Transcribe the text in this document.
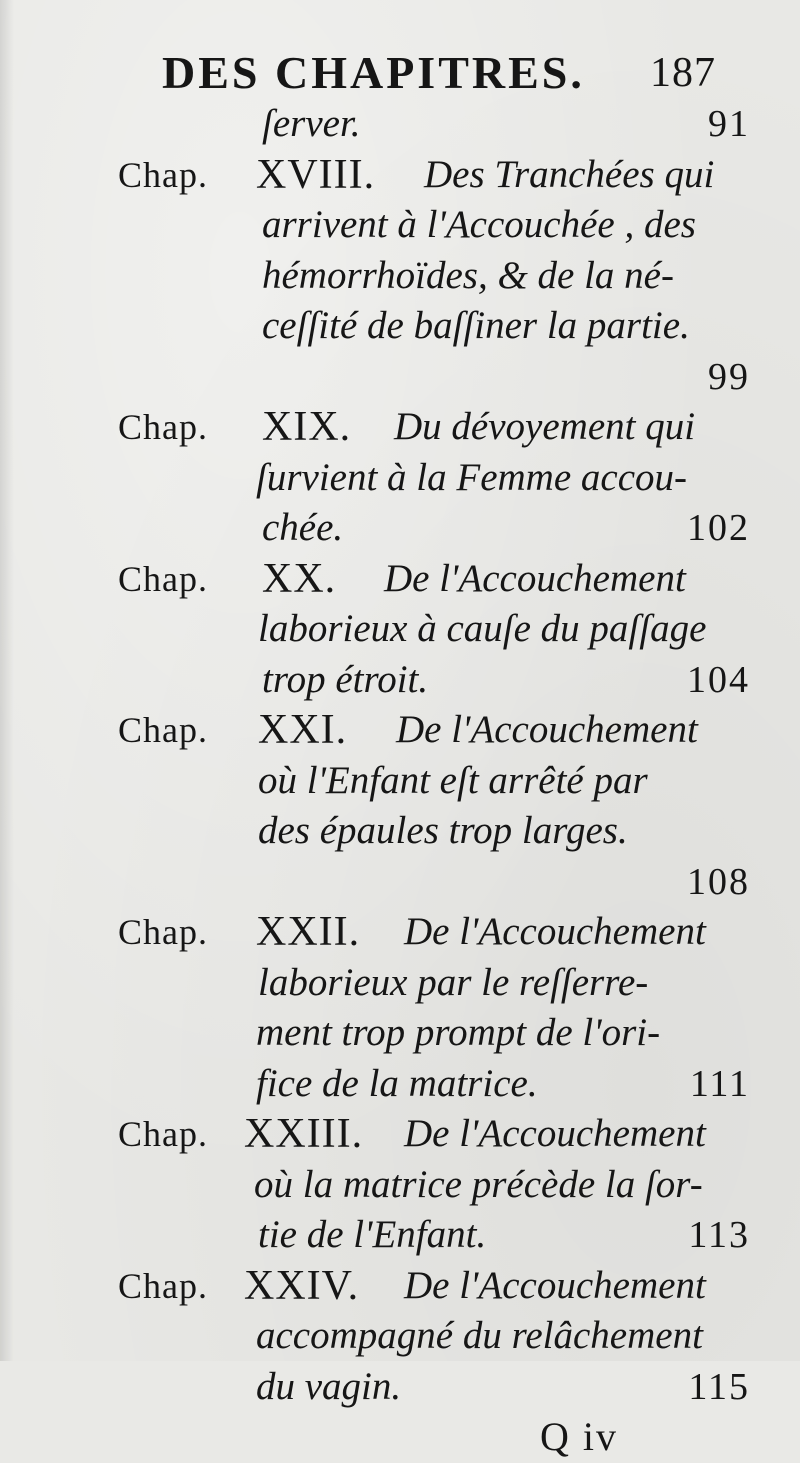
DES CHAPITRES. 187
ſerver.	91
Chap. XVIII. Des Tranchées qui
arrivent à l'Accouchée , des
hémorrhoïdes, & de la né-
ceſſité de baſſiner la partie.
99
Chap. XIX. Du dévoyement qui
ſurvient à la Femme accou-
chée.	102
Chap. XX. De l'Accouchement
laborieux à cauſe du paſſage
trop étroit.	104
Chap. XXI. De l'Accouchement
où l'Enfant eſt arrêté par
des épaules trop larges.
108
Chap. XXII. De l'Accouchement
laborieux par le reſſerre-
ment trop prompt de l'ori-
fice de la matrice.	111
Chap. XXIII. De l'Accouchement
où la matrice précède la ſor-
tie de l'Enfant.	113
Chap. XXIV. De l'Accouchement
accompagné du relâchement
du vagin.	115
Q iv
